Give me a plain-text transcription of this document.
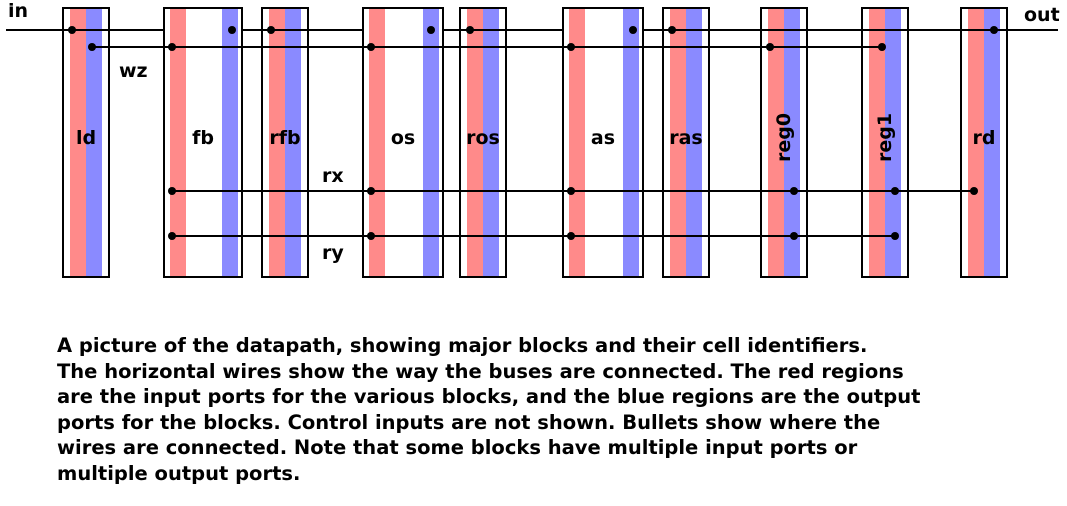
in	out
ld	fb	rfb	os	ros	as	ras	reg0	reg1	rd
wz
rx
ry
A picture of the datapath, showing major blocks and their cell identifiers.
The horizontal wires show the way the buses are connected. The red regions
are the input ports for the various blocks, and the blue regions are the output
ports for the blocks. Control inputs are not shown. Bullets show where the
wires are connected. Note that some blocks have multiple input ports or
multiple output ports.
